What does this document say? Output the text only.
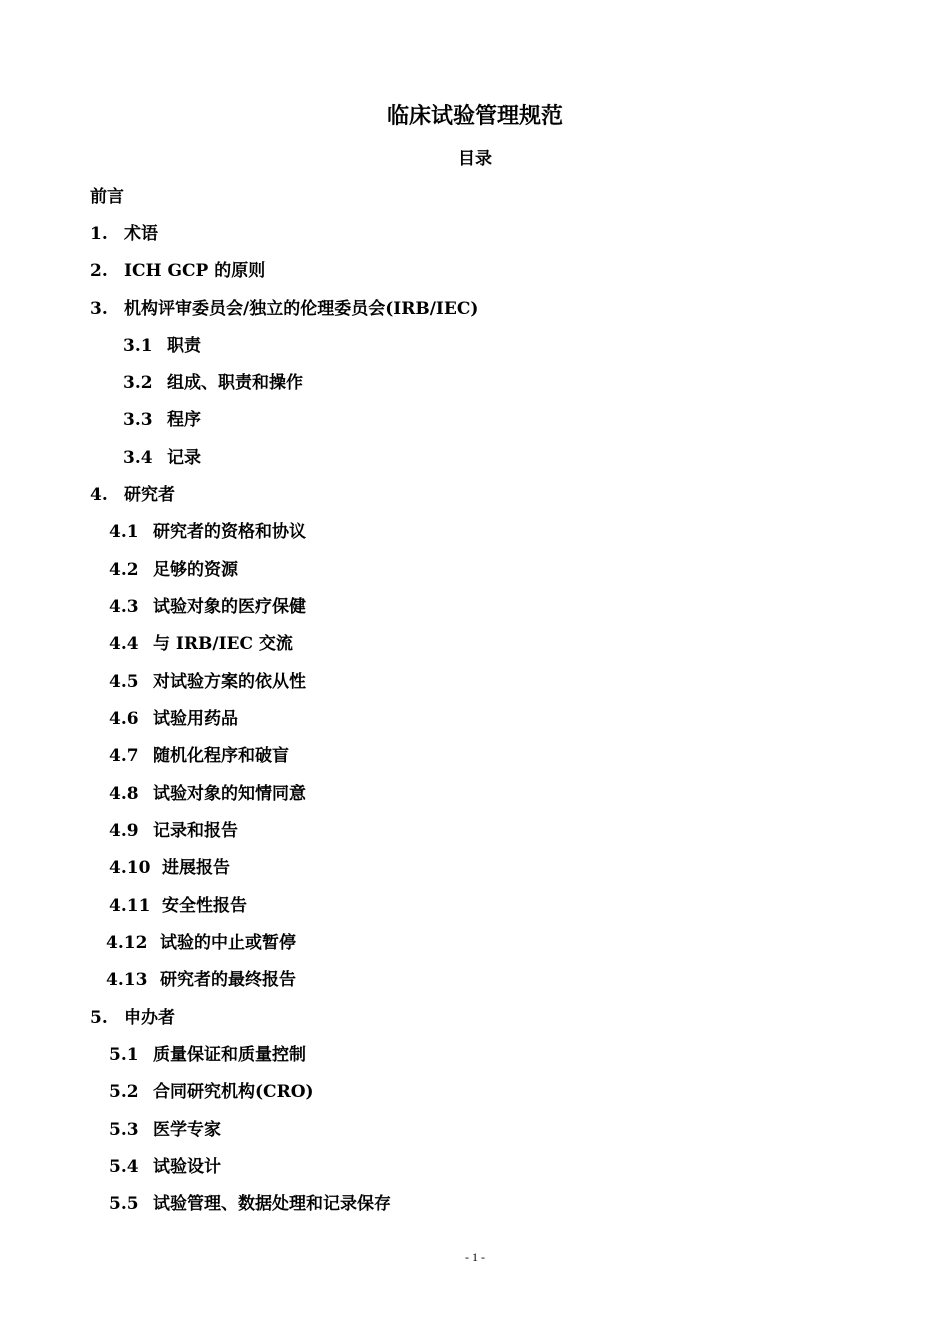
临床试验管理规范
目录
前言
1. 术语
2. ICH GCP 的原则
3. 机构评审委员会/独立的伦理委员会(IRB/IEC)
3.1 职责
3.2 组成、职责和操作
3.3 程序
3.4 记录
4. 研究者
4.1 研究者的资格和协议
4.2 足够的资源
4.3 试验对象的医疗保健
4.4 与 IRB/IEC 交流
4.5 对试验方案的依从性
4.6 试验用药品
4.7 随机化程序和破盲
4.8 试验对象的知情同意
4.9 记录和报告
4.10 进展报告
4.11 安全性报告
4.12 试验的中止或暂停
4.13 研究者的最终报告
5. 申办者
5.1 质量保证和质量控制
5.2 合同研究机构(CRO)
5.3 医学专家
5.4 试验设计
5.5 试验管理、数据处理和记录保存
- 1 -
